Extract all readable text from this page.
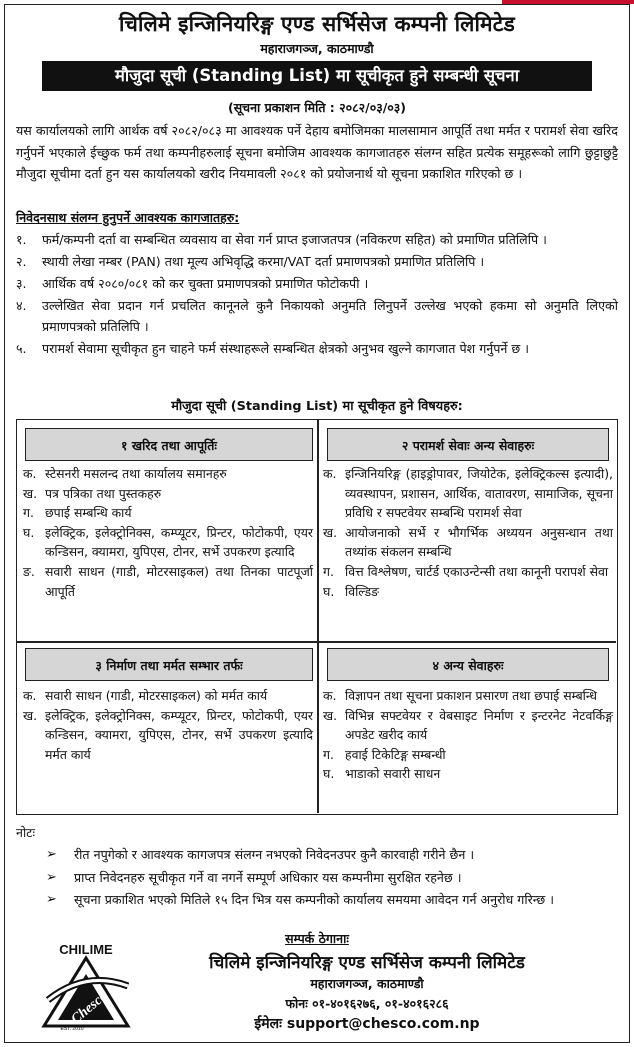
चिलिमे इन्जिनियरिङ्ग एण्ड सर्भिसेज कम्पनी लिमिटेड
महाराजगञ्ज, काठमाण्डौ
मौजुदा सूची (Standing List) मा सूचीकृत हुने सम्बन्धी सूचना
(सूचना प्रकाशन मिति : २०८२/०३/०३)

यस कार्यालयको लागि आर्थक वर्ष २०८२/०८३ मा आवश्यक पर्ने देहाय बमोजिमका मालसामान आपूर्ति तथा मर्मत र परामर्श सेवा खरिद गर्नुपर्ने भएकाले ईच्छुक फर्म तथा कम्पनीहरुलाई सूचना बमोजिम आवश्यक कागजातहरु संलग्न सहित प्रत्येक समूहरूको लागि छुट्टाछुट्टै मौजुदा सूचीमा दर्ता हुन यस कार्यालयको खरीद नियमावली २०८१ को प्रयोजनार्थ यो सूचना प्रकाशित गरिएको छ ।

निवेदनसाथ संलग्न हुनुपर्ने आवश्यक कागजातहरु:
१.	फर्म/कम्पनी दर्ता वा सम्बन्धित व्यवसाय वा सेवा गर्न प्राप्त इजाजतपत्र (नविकरण सहित) को प्रमाणित प्रतिलिपि ।
२.	स्थायी लेखा नम्बर (PAN) तथा मूल्य अभिवृद्धि करमा/VAT दर्ता प्रमाणपत्रको प्रमाणित प्रतिलिपि ।
३.	आर्थिक वर्ष २०८०/०८१ को कर चुक्ता प्रमाणपत्रको प्रमाणित फोटोकपी ।
४.	उल्लेखित सेवा प्रदान गर्न प्रचलित कानूनले कुनै निकायको अनुमति लिनुपर्ने उल्लेख भएको हकमा सो अनुमति लिएको प्रमाणपत्रको प्रतिलिपि ।
५.	परामर्श सेवामा सूचीकृत हुन चाहने फर्म संस्थाहरूले सम्बन्धित क्षेत्रको अनुभव खुल्ने कागजात पेश गर्नुपर्ने छ ।
मौजुदा सूची (Standing List) मा सूचीकृत हुने विषयहरु:
१ खरिद तथा आपूर्तिः
क. स्टेसनरी मसलन्द तथा कार्यालय समानहरु
ख. पत्र पत्रिका तथा पुस्तकहरु
ग. छपाई सम्बन्धि कार्य
घ. इलेक्ट्रिक, इलेक्ट्रोनिक्स, कम्प्यूटर, प्रिन्टर, फोटोकपी, एयर कन्डिसन, क्यामरा, युपिएस, टोनर, सर्भे उपकरण इत्यादि
ङ. सवारी साधन (गाडी, मोटरसाइकल) तथा तिनका पाटपूर्जा आपूर्ति
२ परामर्श सेवाः अन्य सेवाहरुः
क. इन्जिनियरिङ्ग (हाइड्रोपावर, जियोटेक, इलेक्ट्रिकल्स इत्यादी), व्यवस्थापन, प्रशासन, आर्थिक, वातावरण, सामाजिक, सूचना प्रविधि र सफ्टवेयर सम्बन्धि परामर्श सेवा
ख. आयोजनाको सर्भे र भौगर्भिक अध्ययन अनुसन्धान तथा तथ्यांक संकलन सम्बन्धि
ग. वित्त विश्लेषण, चार्टर्ड एकाउन्टेन्सी तथा कानूनी परापर्श सेवा
घ. विल्डिङ
३ निर्माण तथा मर्मत सम्भार तर्फः
क. सवारी साधन (गाडी, मोटरसाइकल) को मर्मत कार्य
ख. इलेक्ट्रिक, इलेक्ट्रोनिक्स, कम्प्यूटर, प्रिन्टर, फोटोकपी, एयर कन्डिसन, क्यामरा, युपिएस, टोनर, सर्भे उपकरण इत्यादि मर्मत कार्य
४ अन्य सेवाहरुः
क. विज्ञापन तथा सूचना प्रकाशन प्रसारण तथा छपाई सम्बन्धि
ख. विभिन्न सफ्टवेयर र वेबसाइट निर्माण र इन्टरनेट नेटवर्किङ्ग अपडेट खरीद कार्य
ग. हवाई टिकेटिङ्ग सम्बन्धी
घ. भाडाको सवारी साधन
नोटः
➢	रीत नपुगेको र आवश्यक कागजपत्र संलग्न नभएको निवेदनउपर कुनै कारवाही गरीने छैन ।
➢	प्राप्त निवेदनहरु सूचीकृत गर्ने वा नगर्ने सम्पूर्ण अधिकार यस कम्पनीमा सुरक्षित रहनेछ ।
➢	सूचना प्रकाशित भएको मितिले १५ दिन भित्र यस कम्पनीको कार्यालय समयमा आवेदन गर्न अनुरोध गरिन्छ ।
सम्पर्क ठेगानाः
CHILIME
Chesco
EST. 2010
चिलिमे इन्जिनियरिङ्ग एण्ड सर्भिसेज कम्पनी लिमिटेड
महाराजगञ्ज, काठमाण्डौ
फोनः ०१-४०१६२७६, ०१-४०१६२८६
ईमेलः support@chesco.com.np
